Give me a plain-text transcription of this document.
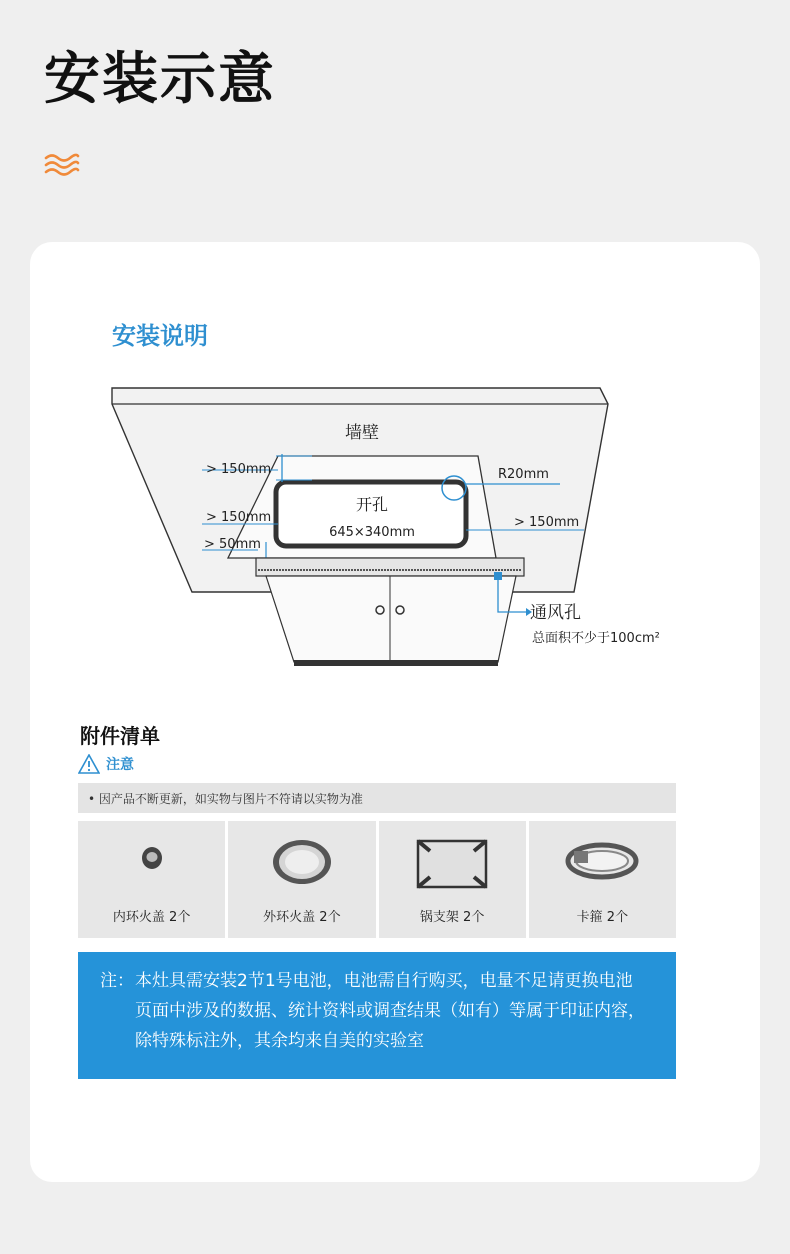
安装示意
安装说明
墙壁
开孔
645×340mm
R20mm
> 150mm
> 150mm	> 150mm
> 50mm
通风孔
总面积不少于100cm²
附件清单
注意
• 因产品不断更新，如实物与图片不符请以实物为准
内环火盖 2个	外环火盖 2个	锅支架 2个	卡箍 2个
注： 本灶具需安装2节1号电池，电池需自行购买，电量不足请更换电池
页面中涉及的数据、统计资料或调查结果（如有）等属于印证内容，
除特殊标注外，其余均来自美的实验室
